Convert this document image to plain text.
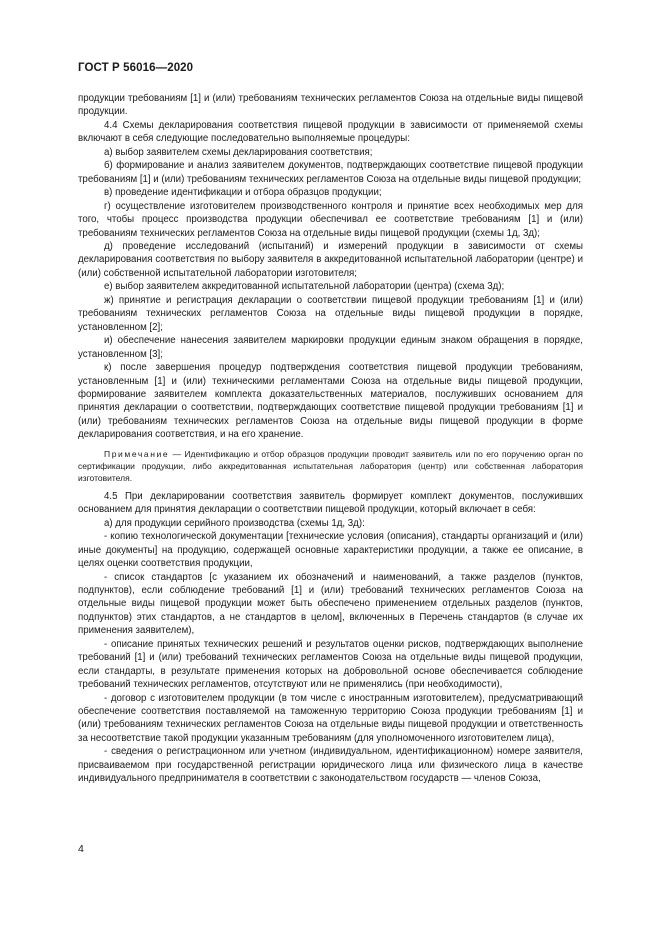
ГОСТ Р 56016—2020

продукции требованиям [1] и (или) требованиям технических регламентов Союза на отдельные виды пищевой продукции.

4.4 Схемы декларирования соответствия пищевой продукции в зависимости от применяемой схемы включают в себя следующие последовательно выполняемые процедуры:

а) выбор заявителем схемы декларирования соответствия;

б) формирование и анализ заявителем документов, подтверждающих соответствие пищевой продукции требованиям [1] и (или) требованиям технических регламентов Союза на отдельные виды пищевой продукции;

в) проведение идентификации и отбора образцов продукции;

г) осуществление изготовителем производственного контроля и принятие всех необходимых мер для того, чтобы процесс производства продукции обеспечивал ее соответствие требованиям [1] и (или) требованиям технических регламентов Союза на отдельные виды пищевой продукции (схемы 1д, 3д);

д) проведение исследований (испытаний) и измерений продукции в зависимости от схемы декларирования соответствия по выбору заявителя в аккредитованной испытательной лаборатории (центре) и (или) собственной испытательной лаборатории изготовителя;

е) выбор заявителем аккредитованной испытательной лаборатории (центра) (схема 3д);

ж) принятие и регистрация декларации о соответствии пищевой продукции требованиям [1] и (или) требованиям технических регламентов Союза на отдельные виды пищевой продукции в порядке, установленном [2];

и) обеспечение нанесения заявителем маркировки продукции единым знаком обращения в порядке, установленном [3];

к) после завершения процедур подтверждения соответствия пищевой продукции требованиям, установленным [1] и (или) техническими регламентами Союза на отдельные виды пищевой продукции, формирование заявителем комплекта доказательственных материалов, послуживших основанием для принятия декларации о соответствии, подтверждающих соответствие пищевой продукции требованиям [1] и (или) требованиям технических регламентов Союза на отдельные виды пищевой продукции в форме декларирования соответствия, и на его хранение.

Примечание — Идентификацию и отбор образцов продукции проводит заявитель или по его поручению орган по сертификации продукции, либо аккредитованная испытательная лаборатория (центр) или собственная лаборатория изготовителя.

4.5 При декларировании соответствия заявитель формирует комплект документов, послуживших основанием для принятия декларации о соответствии пищевой продукции, который включает в себя:

а) для продукции серийного производства (схемы 1д, 3д):

- копию технологической документации [технические условия (описания), стандарты организаций и (или) иные документы] на продукцию, содержащей основные характеристики продукции, а также ее описание, в целях оценки соответствия продукции,

- список стандартов [с указанием их обозначений и наименований, а также разделов (пунктов, подпунктов), если соблюдение требований [1] и (или) требований технических регламентов Союза на отдельные виды пищевой продукции может быть обеспечено применением отдельных разделов (пунктов, подпунктов) этих стандартов, а не стандартов в целом], включенных в Перечень стандартов (в случае их применения заявителем),

- описание принятых технических решений и результатов оценки рисков, подтверждающих выполнение требований [1] и (или) требований технических регламентов Союза на отдельные виды пищевой продукции, если стандарты, в результате применения которых на добровольной основе обеспечивается соблюдение требований технических регламентов, отсутствуют или не применялись (при необходимости),

- договор с изготовителем продукции (в том числе с иностранным изготовителем), предусматривающий обеспечение соответствия поставляемой на таможенную территорию Союза продукции требованиям [1] и (или) требованиям технических регламентов Союза на отдельные виды пищевой продукции и ответственность за несоответствие такой продукции указанным требованиям (для уполномоченного изготовителем лица),

- сведения о регистрационном или учетном (индивидуальном, идентификационном) номере заявителя, присваиваемом при государственной регистрации юридического лица или физического лица в качестве индивидуального предпринимателя в соответствии с законодательством государств — членов Союза,

4
